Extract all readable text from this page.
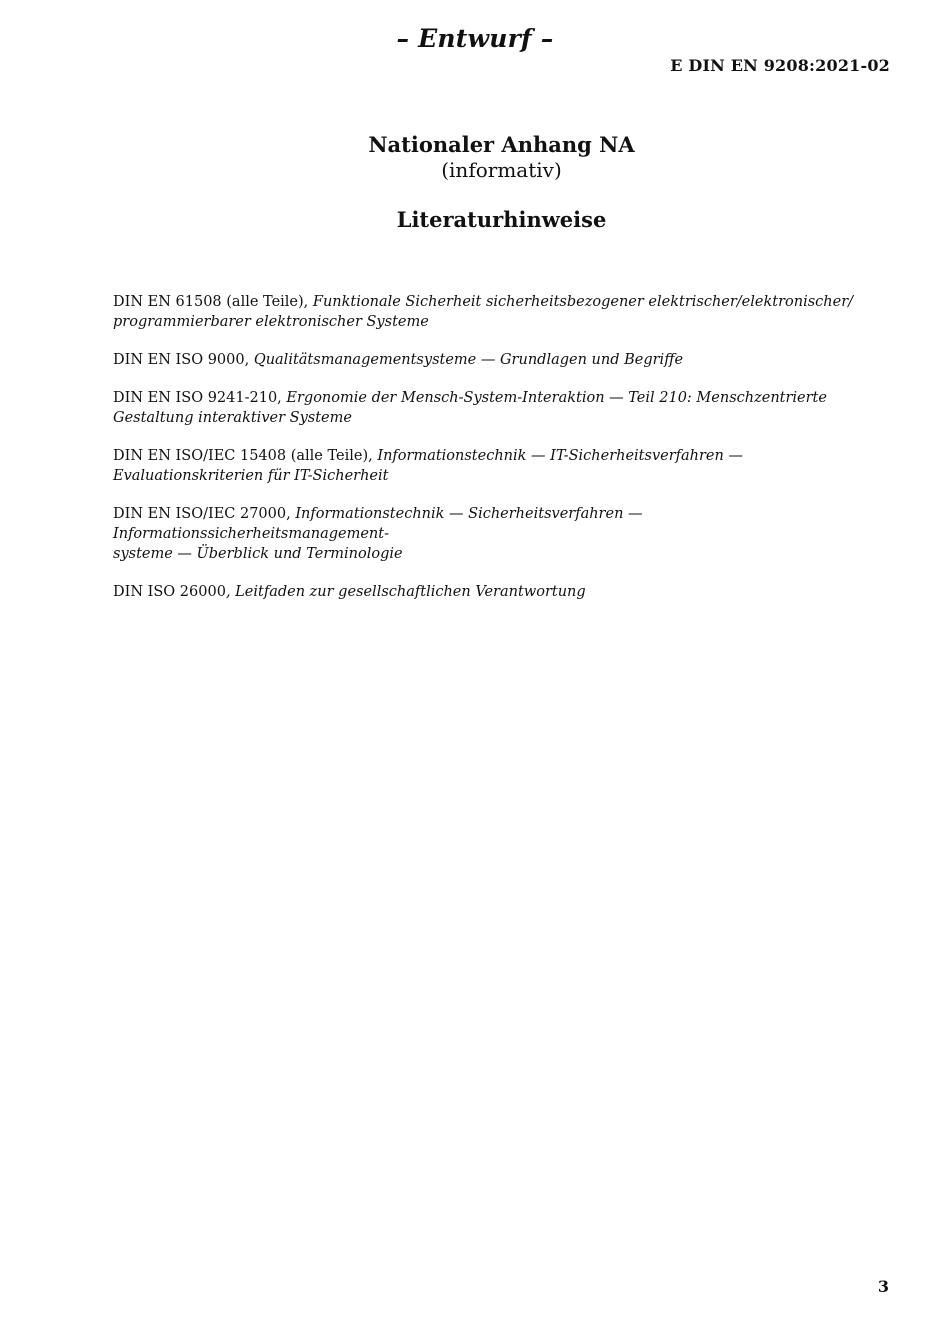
– Entwurf –
E DIN EN 9208:2021-02
Nationaler Anhang NA
(informativ)
Literaturhinweise
DIN EN 61508 (alle Teile), Funktionale Sicherheit sicherheitsbezogener elektrischer/elektronischer/
programmierbarer elektronischer Systeme
DIN EN ISO 9000, Qualitätsmanagementsysteme — Grundlagen und Begriffe
DIN EN ISO 9241-210, Ergonomie der Mensch-System-Interaktion — Teil 210: Menschzentrierte Gestaltung interaktiver Systeme
DIN EN ISO/IEC 15408 (alle Teile), Informationstechnik — IT-Sicherheitsverfahren — Evaluationskriterien für IT-Sicherheit
DIN EN ISO/IEC 27000, Informationstechnik — Sicherheitsverfahren — Informationssicherheitsmanagement-
systeme — Überblick und Terminologie
DIN ISO 26000, Leitfaden zur gesellschaftlichen Verantwortung
3
